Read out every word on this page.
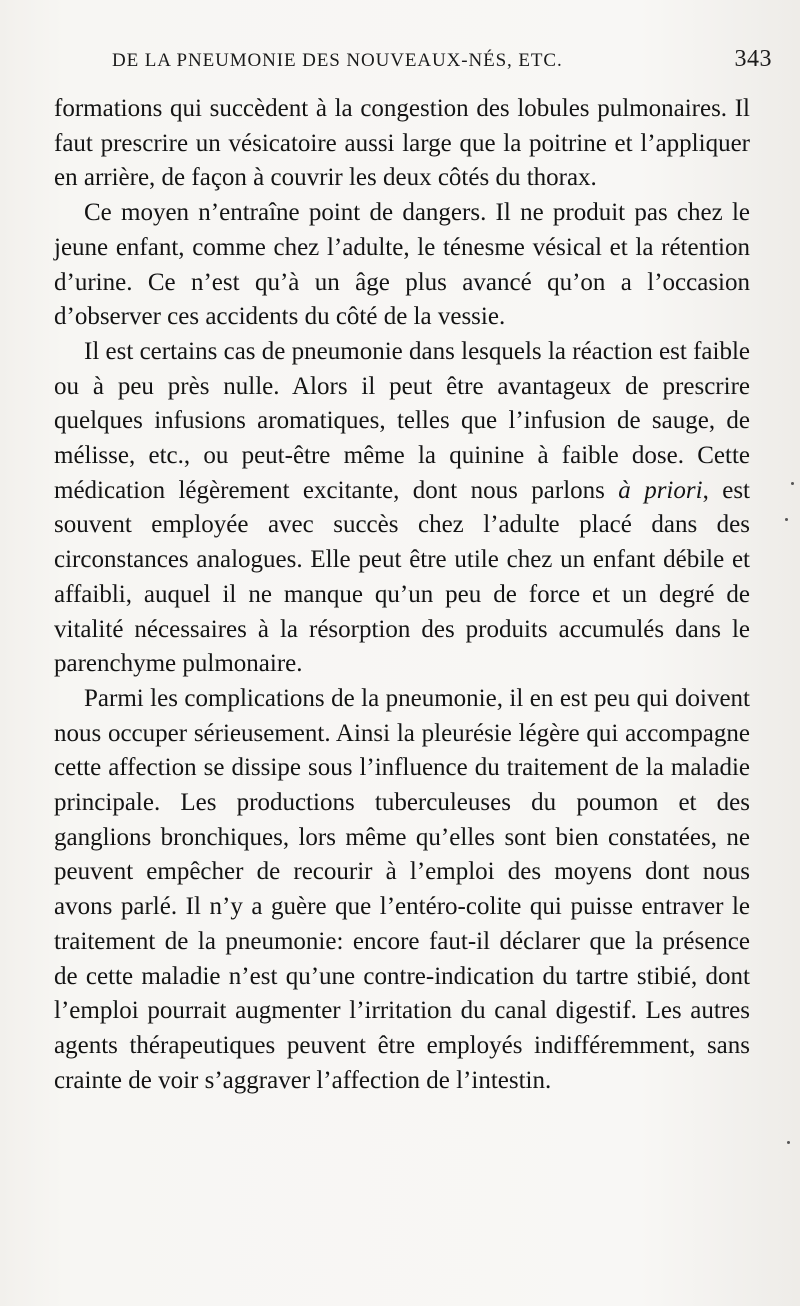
DE LA PNEUMONIE DES NOUVEAUX-NÉS, ETC.	343

formations qui succèdent à la congestion des lobules pulmonaires. Il faut prescrire un vésicatoire aussi large que la poitrine et l’appliquer en arrière, de façon à couvrir les deux côtés du thorax.

Ce moyen n’entraîne point de dangers. Il ne produit pas chez le jeune enfant, comme chez l’adulte, le ténesme vésical et la rétention d’urine. Ce n’est qu’à un âge plus avancé qu’on a l’occasion d’observer ces accidents du côté de la vessie.

Il est certains cas de pneumonie dans lesquels la réaction est faible ou à peu près nulle. Alors il peut être avantageux de prescrire quelques infusions aromatiques, telles que l’infusion de sauge, de mélisse, etc., ou peut-être même la quinine à faible dose. Cette médication légèrement excitante, dont nous parlons à priori, est souvent employée avec succès chez l’adulte placé dans des circonstances analogues. Elle peut être utile chez un enfant débile et affaibli, auquel il ne manque qu’un peu de force et un degré de vitalité nécessaires à la résorption des produits accumulés dans le parenchyme pulmonaire.

Parmi les complications de la pneumonie, il en est peu qui doivent nous occuper sérieusement. Ainsi la pleurésie légère qui accompagne cette affection se dissipe sous l’influence du traitement de la maladie principale. Les productions tuberculeuses du poumon et des ganglions bronchiques, lors même qu’elles sont bien constatées, ne peuvent empêcher de recourir à l’emploi des moyens dont nous avons parlé. Il n’y a guère que l’entéro-colite qui puisse entraver le traitement de la pneumonie: encore faut-il déclarer que la présence de cette maladie n’est qu’une contre-indication du tartre stibié, dont l’emploi pourrait augmenter l’irritation du canal digestif. Les autres agents thérapeutiques peuvent être employés indifféremment, sans crainte de voir s’aggraver l’affection de l’intestin.
